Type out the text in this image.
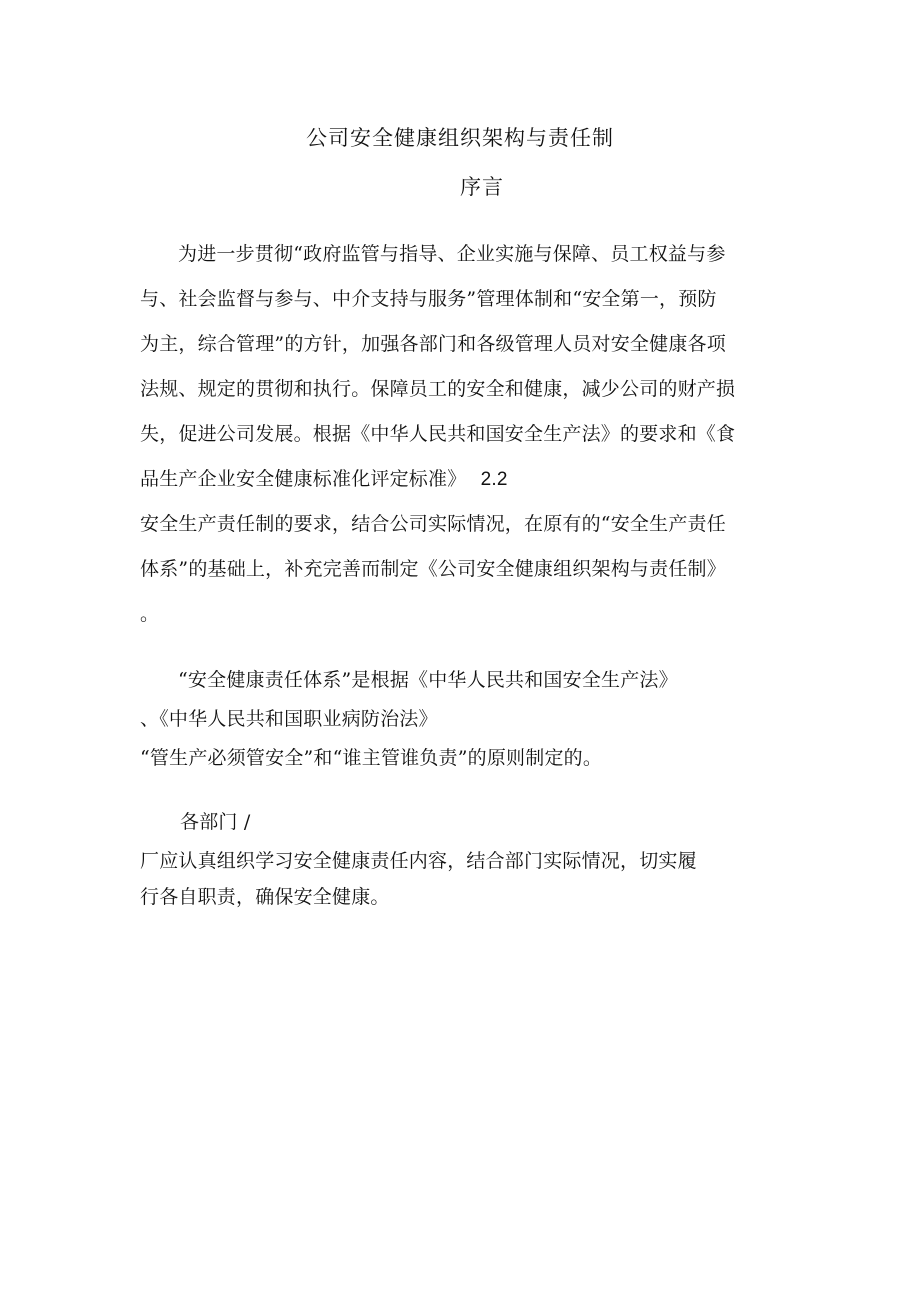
公司安全健康组织架构与责任制
序言
为进一步贯彻“政府监管与指导、企业实施与保障、员工权益与参
与、社会监督与参与、中介支持与服务”管理体制和“安全第一，预防
为主，综合管理”的方针，加强各部门和各级管理人员对安全健康各项
法规、规定的贯彻和执行。保障员工的安全和健康，减少公司的财产损
失，促进公司发展。根据《中华人民共和国安全生产法》的要求和《食
品生产企业安全健康标准化评定标准》 2.2
安全生产责任制的要求，结合公司实际情况，在原有的“安全生产责任
体系”的基础上，补充完善而制定《公司安全健康组织架构与责任制》
。
“安全健康责任体系”是根据《中华人民共和国安全生产法》
、《中华人民共和国职业病防治法》
“管生产必须管安全”和“谁主管谁负责”的原则制定的。
各部门 /
厂应认真组织学习安全健康责任内容，结合部门实际情况，切实履
行各自职责，确保安全健康。
